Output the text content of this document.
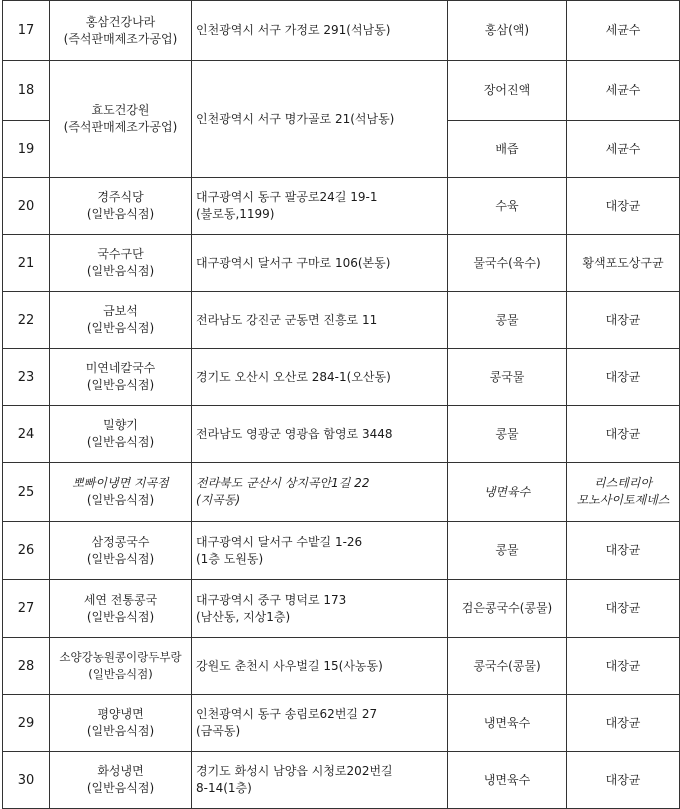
17	홍삼건강나라
(즉석판매제조가공업)	인천광역시 서구 가정로 291(석남동)	홍삼(액)	세균수
18	효도건강원
(즉석판매제조가공업)	인천광역시 서구 명가골로 21(석남동)	장어진액	세균수
19			배즙	세균수
20	경주식당
(일반음식점)	대구광역시 동구 팔공로24길 19-1
(불로동,1199)	수육	대장균
21	국수구단
(일반음식점)	대구광역시 달서구 구마로 106(본동)	물국수(육수)	황색포도상구균
22	금보석
(일반음식점)	전라남도 강진군 군동면 진흥로 11	콩물	대장균
23	미연네칼국수
(일반음식점)	경기도 오산시 오산로 284-1(오산동)	콩국물	대장균
24	밀향기
(일반음식점)	전라남도 영광군 영광읍 함영로 3448	콩물	대장균
25	뽀빠이냉면 지곡점
(일반음식점)	전라북도 군산시 상지곡안1길 22
(지곡동)	냉면육수	리스테리아
모노사이토제네스

26	삼정콩국수
(일반음식점)	대구광역시 달서구 수밭길 1-26
(1층 도원동)	콩물	대장균
27	세연 전통콩국
(일반음식점)	대구광역시 중구 명덕로 173
(남산동, 지상1층)	검은콩국수(콩물)	대장균
28	소양강농원콩이랑두부랑
(일반음식점)	강원도 춘천시 사우벌길 15(사농동)	콩국수(콩물)	대장균
29	평양냉면
(일반음식점)	인천광역시 동구 송림로62번길 27
(금곡동)	냉면육수	대장균
30	화성냉면
(일반음식점)	경기도 화성시 남양읍 시청로202번길
8-14(1층)	냉면육수	대장균
